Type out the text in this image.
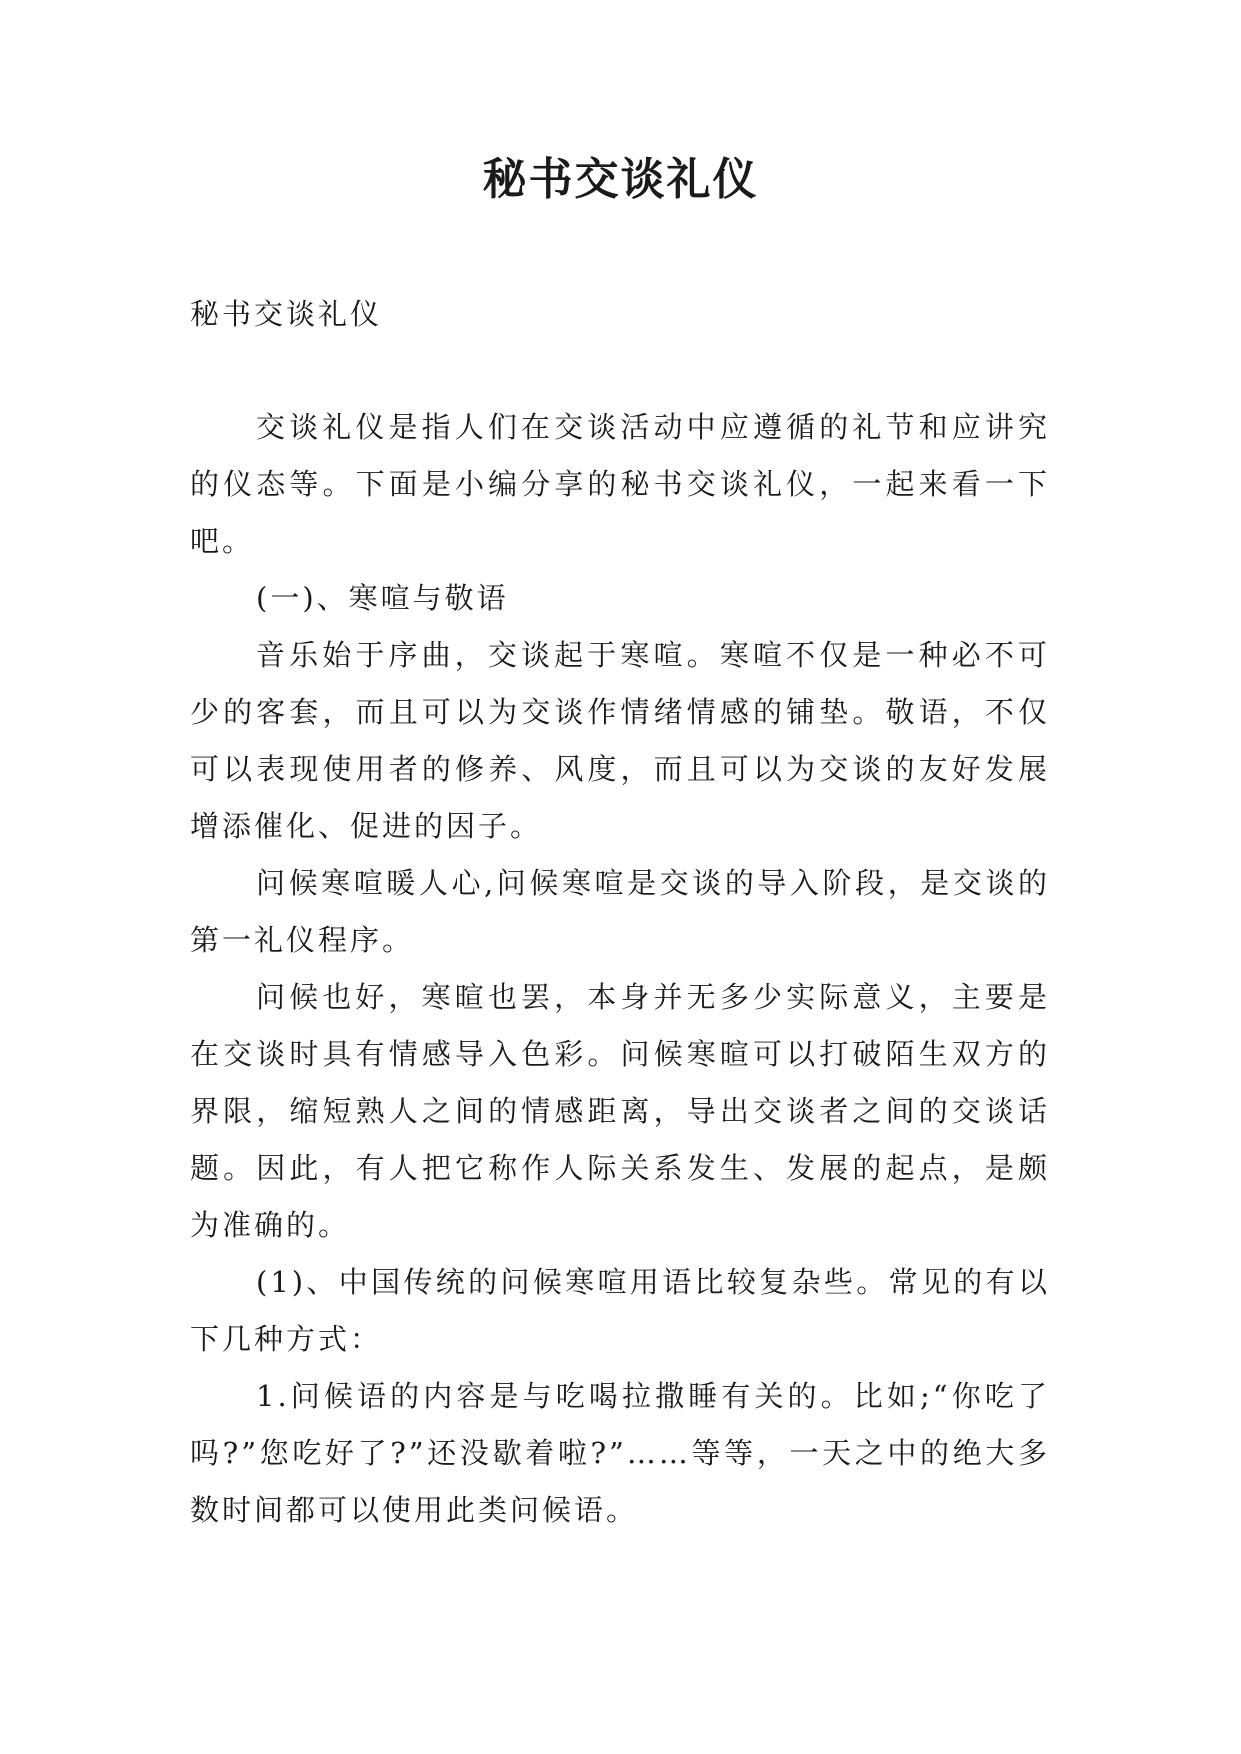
秘书交谈礼仪

秘书交谈礼仪

交谈礼仪是指人们在交谈活动中应遵循的礼节和应讲究的仪态等。下面是小编分享的秘书交谈礼仪，一起来看一下吧。

(一)、寒喧与敬语

音乐始于序曲，交谈起于寒喧。寒喧不仅是一种必不可少的客套，而且可以为交谈作情绪情感的铺垫。敬语，不仅可以表现使用者的修养、风度，而且可以为交谈的友好发展增添催化、促进的因子。

问候寒喧暖人心,问候寒喧是交谈的导入阶段，是交谈的第一礼仪程序。

问候也好，寒暄也罢，本身并无多少实际意义，主要是在交谈时具有情感导入色彩。问候寒暄可以打破陌生双方的界限，缩短熟人之间的情感距离，导出交谈者之间的交谈话题。因此，有人把它称作人际关系发生、发展的起点，是颇为准确的。

(1)、中国传统的问候寒喧用语比较复杂些。常见的有以下几种方式：

1.问候语的内容是与吃喝拉撒睡有关的。比如;“你吃了吗?”您吃好了?”还没歇着啦?”……等等，一天之中的绝大多数时间都可以使用此类问候语。
